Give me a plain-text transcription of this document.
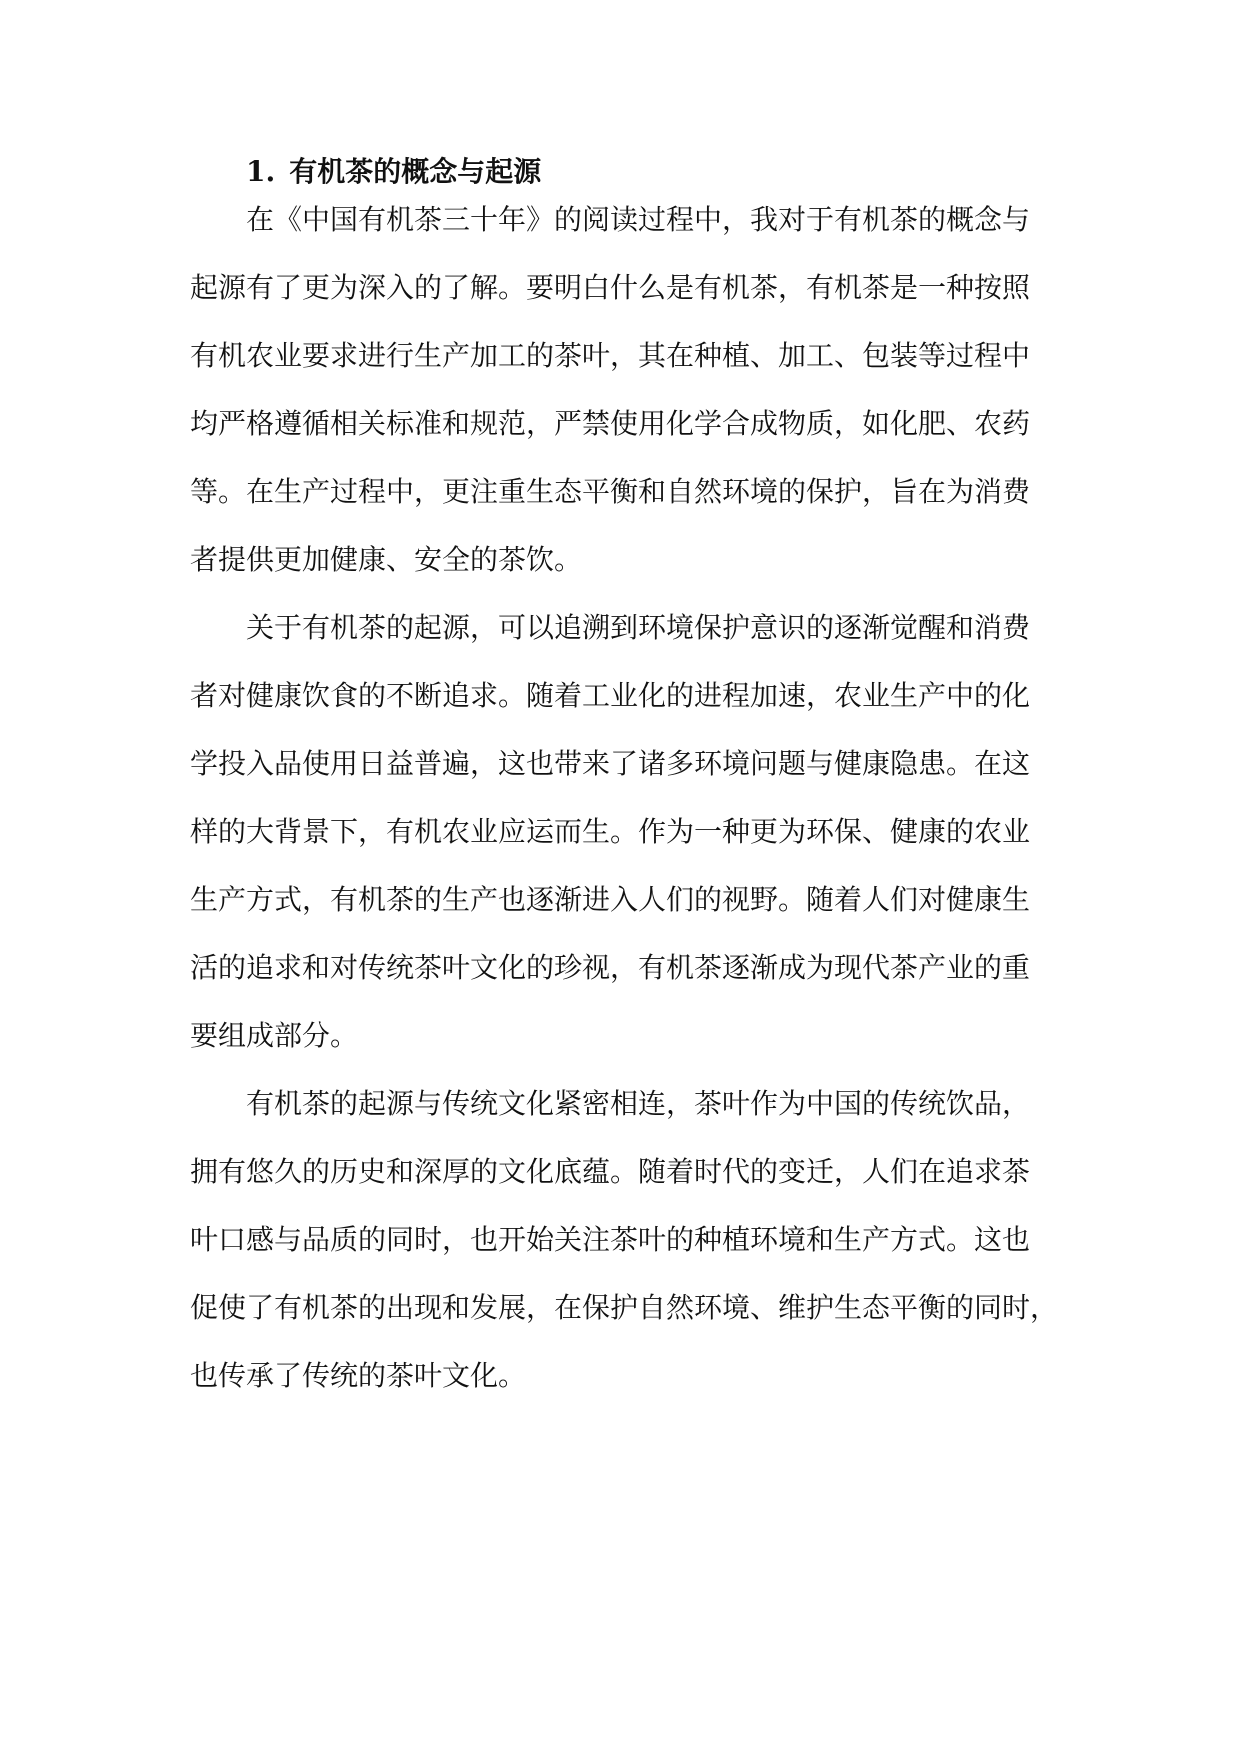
1. 有机茶的概念与起源
在《中国有机茶三十年》的阅读过程中，我对于有机茶的概念与
起源有了更为深入的了解。要明白什么是有机茶，有机茶是一种按照
有机农业要求进行生产加工的茶叶，其在种植、加工、包装等过程中
均严格遵循相关标准和规范，严禁使用化学合成物质，如化肥、农药
等。在生产过程中，更注重生态平衡和自然环境的保护，旨在为消费
者提供更加健康、安全的茶饮。
关于有机茶的起源，可以追溯到环境保护意识的逐渐觉醒和消费
者对健康饮食的不断追求。随着工业化的进程加速，农业生产中的化
学投入品使用日益普遍，这也带来了诸多环境问题与健康隐患。在这
样的大背景下，有机农业应运而生。作为一种更为环保、健康的农业
生产方式，有机茶的生产也逐渐进入人们的视野。随着人们对健康生
活的追求和对传统茶叶文化的珍视，有机茶逐渐成为现代茶产业的重
要组成部分。
有机茶的起源与传统文化紧密相连，茶叶作为中国的传统饮品，
拥有悠久的历史和深厚的文化底蕴。随着时代的变迁，人们在追求茶
叶口感与品质的同时，也开始关注茶叶的种植环境和生产方式。这也
促使了有机茶的出现和发展，在保护自然环境、维护生态平衡的同时，
也传承了传统的茶叶文化。
